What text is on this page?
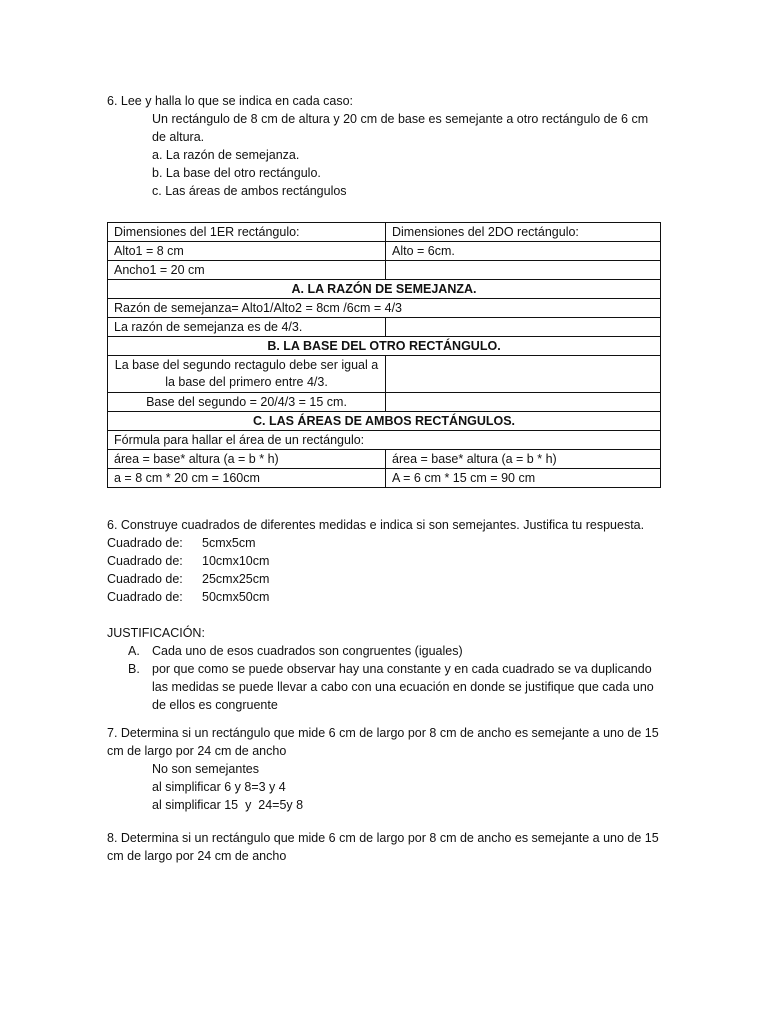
6. Lee y halla lo que se indica en cada caso:
Un rectángulo de 8 cm de altura y 20 cm de base es semejante a otro rectángulo de 6 cm
de altura.
a. La razón de semejanza.
b. La base del otro rectángulo.
c. Las áreas de ambos rectángulos
Dimensiones del 1ER rectángulo:	Dimensiones del 2DO rectángulo:
Alto1 = 8 cm	Alto = 6cm.
Ancho1 = 20 cm	
A. LA RAZÓN DE SEMEJANZA.	
Razón de semejanza= Alto1/Alto2 = 8cm /6cm = 4/3	
La razón de semejanza es de 4/3.	
B. LA BASE DEL OTRO RECTÁNGULO.	
La base del segundo rectagulo debe ser igual a la base del primero entre 4/3.	
Base del segundo = 20/4/3 = 15 cm.	
C. LAS ÁREAS DE AMBOS RECTÁNGULOS.	
Fórmula para hallar el área de un rectángulo:	
área = base* altura (a = b * h)	área = base* altura (a = b * h)
a = 8 cm * 20 cm = 160cm	A = 6 cm * 15 cm = 90 cm
6. Construye cuadrados de diferentes medidas e indica si son semejantes. Justifica tu respuesta.
Cuadrado de:	5cmx5cm
Cuadrado de:	10cmx10cm
Cuadrado de:	25cmx25cm
Cuadrado de:	50cmx50cm
JUSTIFICACIÓN:
A. Cada uno de esos cuadrados son congruentes (iguales)
B. por que como se puede observar hay una constante y en cada cuadrado se va duplicando las medidas se puede llevar a cabo con una ecuación en donde se justifique que cada uno de ellos es congruente
7. Determina si un rectángulo que mide 6 cm de largo por 8 cm de ancho es semejante a uno de 15
cm de largo por 24 cm de ancho
No son semejantes
al simplificar 6 y 8=3 y 4
al simplificar 15  y  24=5y 8
8. Determina si un rectángulo que mide 6 cm de largo por 8 cm de ancho es semejante a uno de 15
cm de largo por 24 cm de ancho
